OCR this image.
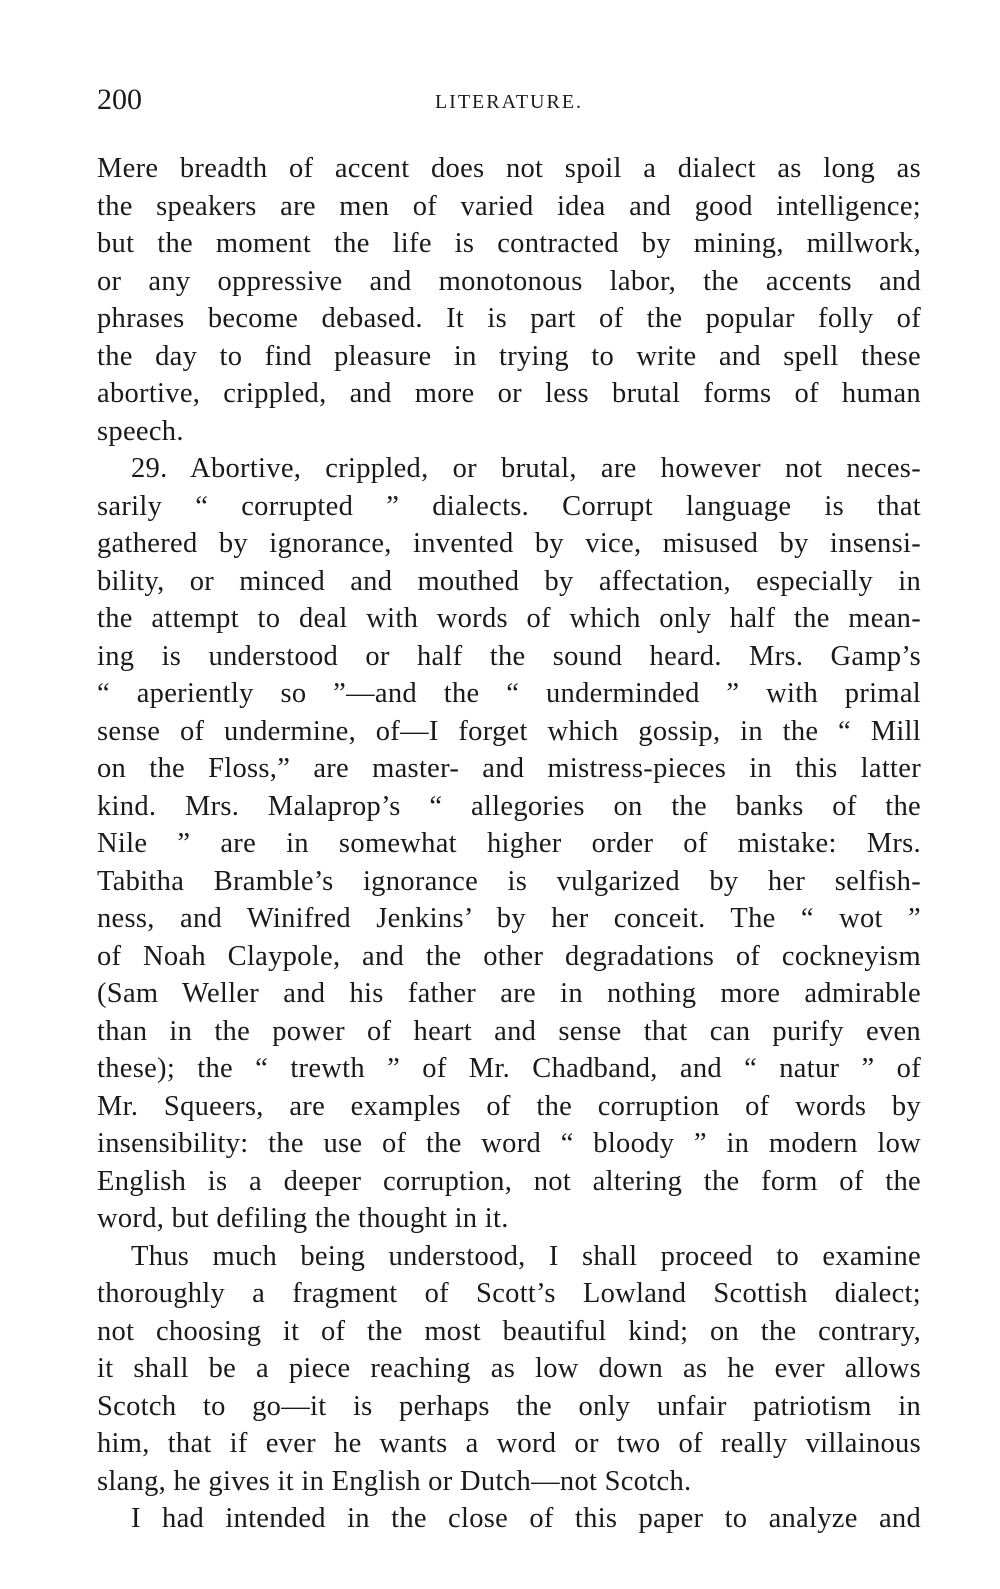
200	LITERATURE.
Mere breadth of accent does not spoil a dialect as long as
the speakers are men of varied idea and good intelligence;
but the moment the life is contracted by mining, millwork,
or any oppressive and monotonous labor, the accents and
phrases become debased. It is part of the popular folly of
the day to find pleasure in trying to write and spell these
abortive, crippled, and more or less brutal forms of human
speech.
29. Abortive, crippled, or brutal, are however not neces-
sarily “ corrupted ” dialects. Corrupt language is that
gathered by ignorance, invented by vice, misused by insensi-
bility, or minced and mouthed by affectation, especially in
the attempt to deal with words of which only half the mean-
ing is understood or half the sound heard. Mrs. Gamp’s
“ aperiently so ”—and the “ underminded ” with primal
sense of undermine, of—I forget which gossip, in the “ Mill
on the Floss,” are master- and mistress-pieces in this latter
kind. Mrs. Malaprop’s “ allegories on the banks of the
Nile ” are in somewhat higher order of mistake: Mrs.
Tabitha Bramble’s ignorance is vulgarized by her selfish-
ness, and Winifred Jenkins’ by her conceit. The “ wot ”
of Noah Claypole, and the other degradations of cockneyism
(Sam Weller and his father are in nothing more admirable
than in the power of heart and sense that can purify even
these); the “ trewth ” of Mr. Chadband, and “ natur ” of
Mr. Squeers, are examples of the corruption of words by
insensibility: the use of the word “ bloody ” in modern low
English is a deeper corruption, not altering the form of the
word, but defiling the thought in it.
Thus much being understood, I shall proceed to examine
thoroughly a fragment of Scott’s Lowland Scottish dialect;
not choosing it of the most beautiful kind; on the contrary,
it shall be a piece reaching as low down as he ever allows
Scotch to go—it is perhaps the only unfair patriotism in
him, that if ever he wants a word or two of really villainous
slang, he gives it in English or Dutch—not Scotch.
I had intended in the close of this paper to analyze and
